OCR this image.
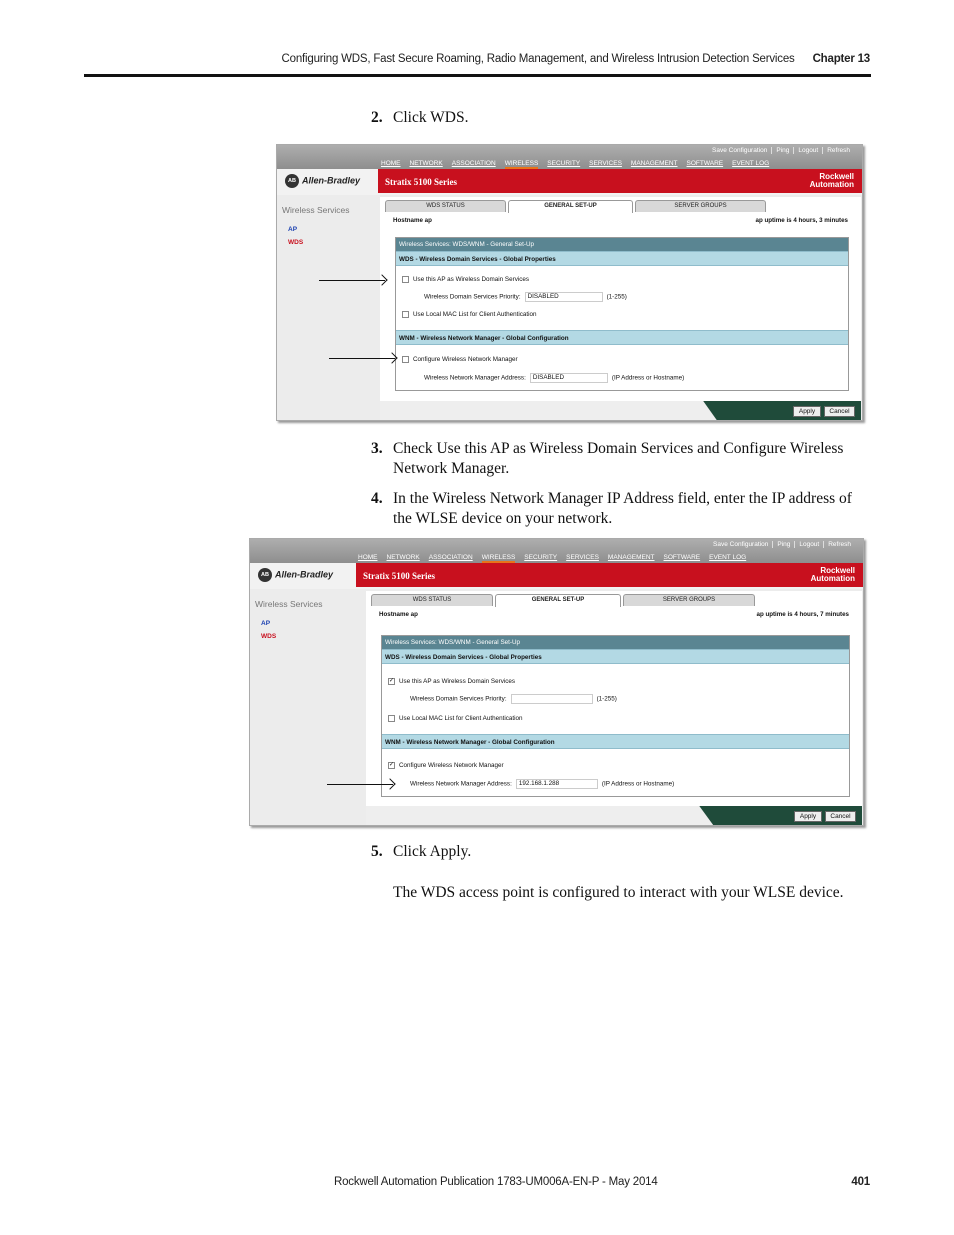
Configuring WDS, Fast Secure Roaming, Radio Management, and Wireless Intrusion Detection Services Chapter 13
2. Click WDS.
Save Configuration Ping Logout Refresh
HOME NETWORK ASSOCIATION WIRELESS SECURITY SERVICES MANAGEMENT SOFTWARE EVENT LOG
AB Allen-Bradley	Stratix 5100 Series
Rockwell
Automation
Wireless Services
AP
WDS
WDS STATUS	GENERAL SET-UP	SERVER GROUPS
Hostname ap	ap uptime is 4 hours, 3 minutes
Wireless Services: WDS/WNM - General Set-Up
WDS - Wireless Domain Services - Global Properties
Use this AP as Wireless Domain Services
Wireless Domain Services Priority: DISABLED	(1-255)
Use Local MAC List for Client Authentication
WNM - Wireless Network Manager - Global Configuration
Configure Wireless Network Manager
Wireless Network Manager Address: DISABLED	(IP Address or Hostname)
Apply	Cancel
3. Check Use this AP as Wireless Domain Services and Configure Wireless Network Manager.
4. In the Wireless Network Manager IP Address field, enter the IP address of the WLSE device on your network.
Save Configuration Ping Logout Refresh
HOME NETWORK ASSOCIATION WIRELESS SECURITY SERVICES MANAGEMENT SOFTWARE EVENT LOG
AB Allen-Bradley	Stratix 5100 Series
Rockwell
Automation
Wireless Services
AP
WDS
WDS STATUS	GENERAL SET-UP	SERVER GROUPS
Hostname ap	ap uptime is 4 hours, 7 minutes
Wireless Services: WDS/WNM - General Set-Up
WDS - Wireless Domain Services - Global Properties
✓ Use this AP as Wireless Domain Services
Wireless Domain Services Priority:	(1-255)
Use Local MAC List for Client Authentication
WNM - Wireless Network Manager - Global Configuration
✓ Configure Wireless Network Manager
Wireless Network Manager Address: 192.168.1.288	(IP Address or Hostname)
Apply	Cancel
5. Click Apply.
The WDS access point is configured to interact with your WLSE device.
Rockwell Automation Publication 1783-UM006A-EN-P - May 2014	401
